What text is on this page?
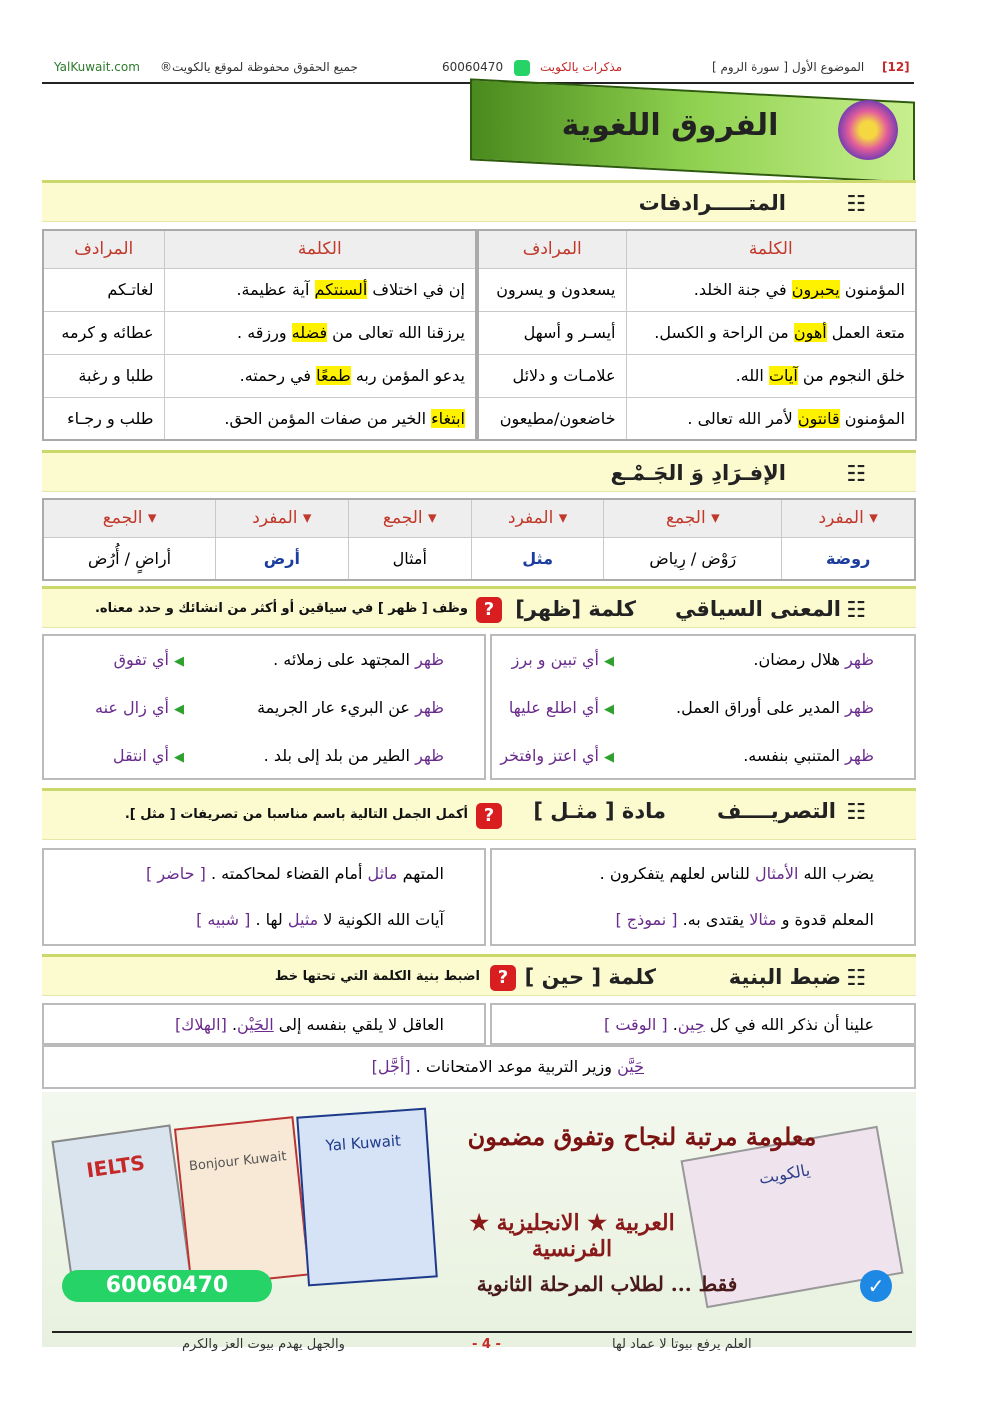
YalKuwait.com ®جميع الحقوق محفوظة لموقع يالكويت	60060470	مذكرات يالكويت	[ سورة الروم ] الموضوع الأول [12]
الفروق اللغوية
☷
المتـــــرادفات
الكلمة	المرادف
المؤمنون يحبرون في جنة الخلد.	يسعدون و يسرون
متعة العمل أهون من الراحة و الكسل.	أيسـر و أسهل
خلق النجوم من آيات الله.	علامـات و دلائل
المؤمنون قانتون لأمر الله تعالى .	خاضعون/مطيعون
الكلمة	المرادف
إن في اختلاف ألسنتكم آية عظيمة.	لغاتـكم
يرزقنا الله تعالى من فضله ورزقه .	عطائه و كرمه
يدعو المؤمن ربه طمعًا في رحمته.	طلبا و رغبة
ابتغاء الخير من صفات المؤمن الحق.	طلب و رجـاء
☷
الإفـرَادِ وَ الجَـمْـع
▾ المفرد	▾ الجمع	▾ المفرد	▾ الجمع	▾ المفرد	▾ الجمع
روضة	رَوْض / رِياض	مثل	أمثال	أرض	أراضٍ / أُرُض
☷
المعنى السياقي
كلمة [ظهر]
?
وظف [ ظهر ] في سياقين أو أكثر من انشائك و حدد معناه.
ظهر هلال رمضان.
◀ أي تبين و برز
ظهر المدير على أوراق العمل.
◀ أي اطلع عليها
ظهر المتنبي بنفسه.
◀ أي اعتز وافتخر
ظهر المجتهد على زملائه .
◀ أي تفوق
ظهر عن البريء عار الجريمة
◀ أي زال عنه
ظهر الطير من بلد إلى بلد .
◀ أي انتقل
☷
التصريــــف
مادة [ مثـل ]
?
أكمل الجمل التالية باسم مناسبا من تصريفات [ مثل ].
يضرب الله الأمثال للناس لعلهم يتفكرون .
المعلم قدوة و مثالا يقتدى به. [ نموذج ]
المتهم ماثل أمام القضاء لمحاكمته . [ حاضر ]
آيات الله الكونية لا مثيل لها . [ شبيه ]
☷
ضبط البنية
كلمة [ حين ]
?
اضبط بنية الكلمة التي تحتها خط
علينا أن نذكر الله في كل حِين. [ الوقت ]
العاقل لا يلقي بنفسه إلى الحَيْن. [الهلاك]
حَيَّن وزير التربية موعد الامتحانات . [أجَّل]
IELTS	Bonjour Kuwait
Yal Kuwait
يالكويت
معلومة مرتبة لنجاح وتفوق مضمون
العربية ★ الانجليزية ★ الفرنسية
فقط ... لطلاب المرحلة الثانوية
60060470	✓
والجهل يهدم بيوت العز والكرم	- 4 -	العلم يرفع بيوتا لا عماد لها
